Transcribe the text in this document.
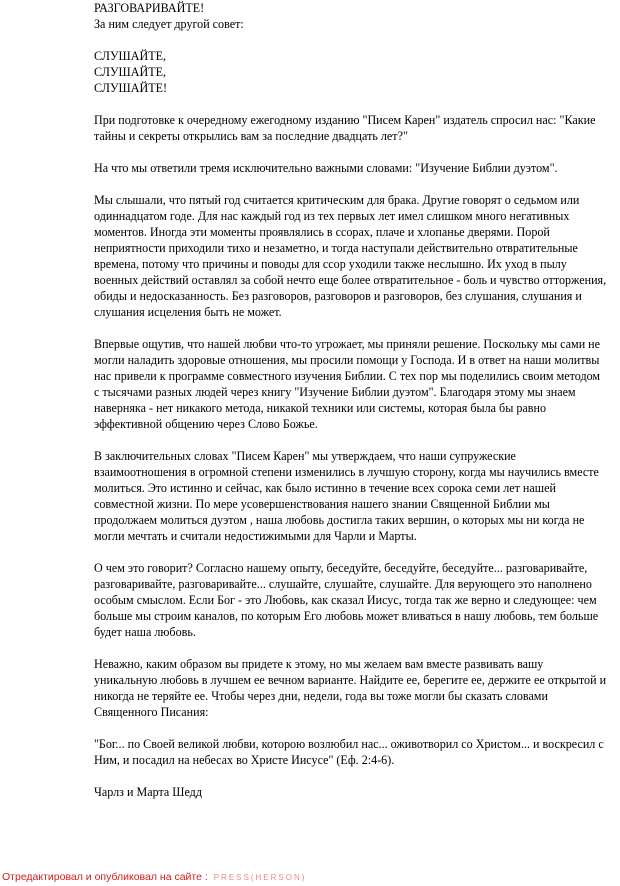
РАЗГОВАРИВАЙТЕ!
За ним следует другой совет:
СЛУШАЙТЕ,
СЛУШАЙТЕ,
СЛУШАЙТЕ!
При подготовке к очередному ежегодному изданию "Писем Карен" издатель спросил нас: "Какие
тайны и секреты открылись вам за последние двадцать лет?"
На что мы ответили тремя исключительно важными словами: "Изучение Библии дуэтом".
Мы слышали, что пятый год считается критическим для брака. Другие говорят о седьмом или
одиннадцатом годе. Для нас каждый год из тех первых лет имел слишком много негативных
моментов. Иногда эти моменты проявлялись в ссорах, плаче и хлопанье дверями. Порой
неприятности приходили тихо и незаметно, и тогда наступали действительно отвратительные
времена, потому что причины и поводы для ссор уходили также неслышно. Их уход в пылу
военных действий оставлял за собой нечто еще более отвратительное - боль и чувство отторжения,
обиды и недосказанность. Без разговоров, разговоров и разговоров, без слушания, слушания и
слушания исцеления быть не может.
Впервые ощутив, что нашей любви что-то угрожает, мы приняли решение. Поскольку мы сами не
могли наладить здоровые отношения, мы просили помощи у Господа. И в ответ на наши молитвы
нас привели к программе совместного изучения Библии. С тех пор мы поделились своим методом
с тысячами разных людей через книгу "Изучение Библии дуэтом". Благодаря этому мы знаем
наверняка - нет никакого метода, никакой техники или системы, которая была бы равно
эффективной общению через Слово Божье.
В заключительных словах "Писем Карен" мы утверждаем, что наши супружеские
взаимоотношения в огромной степени изменились в лучшую сторону, когда мы научились вместе
молиться. Это истинно и сейчас, как было истинно в течение всех сорока семи лет нашей
совместной жизни. По мере усовершенствования нашего знании Священной Библии мы
продолжаем молиться дуэтом , наша любовь достигла таких вершин, о которых мы ни когда не
могли мечтать и считали недостижимыми для Чарли и Марты.
О чем это говорит? Согласно нашему опыту, беседуйте, беседуйте, беседуйте... разговаривайте,
разговаривайте, разговаривайте... слушайте, слушайте, слушайте. Для верующего это наполнено
особым смыслом. Если Бог - это Любовь, как сказал Иисус, тогда так же верно и следующее: чем
больше мы строим каналов, по которым Его любовь может вливаться в нашу любовь, тем больше
будет наша любовь.
Неважно, каким образом вы придете к этому, но мы желаем вам вместе развивать вашу
уникальную любовь в лучшем ее вечном варианте. Найдите ее, берегите ее, держите ее открытой и
никогда не теряйте ее. Чтобы через дни, недели, года вы тоже могли бы сказать словами
Священного Писания:
"Бог... по Своей великой любви, которою возлюбил нас... оживотворил со Христом... и воскресил с
Ним, и посадил на небесах во Христе Иисусе" (Еф. 2:4-6).
Чарлз и Марта Шедд
Отредактировал и опубликовал на сайте : PRESS(HERSON)
